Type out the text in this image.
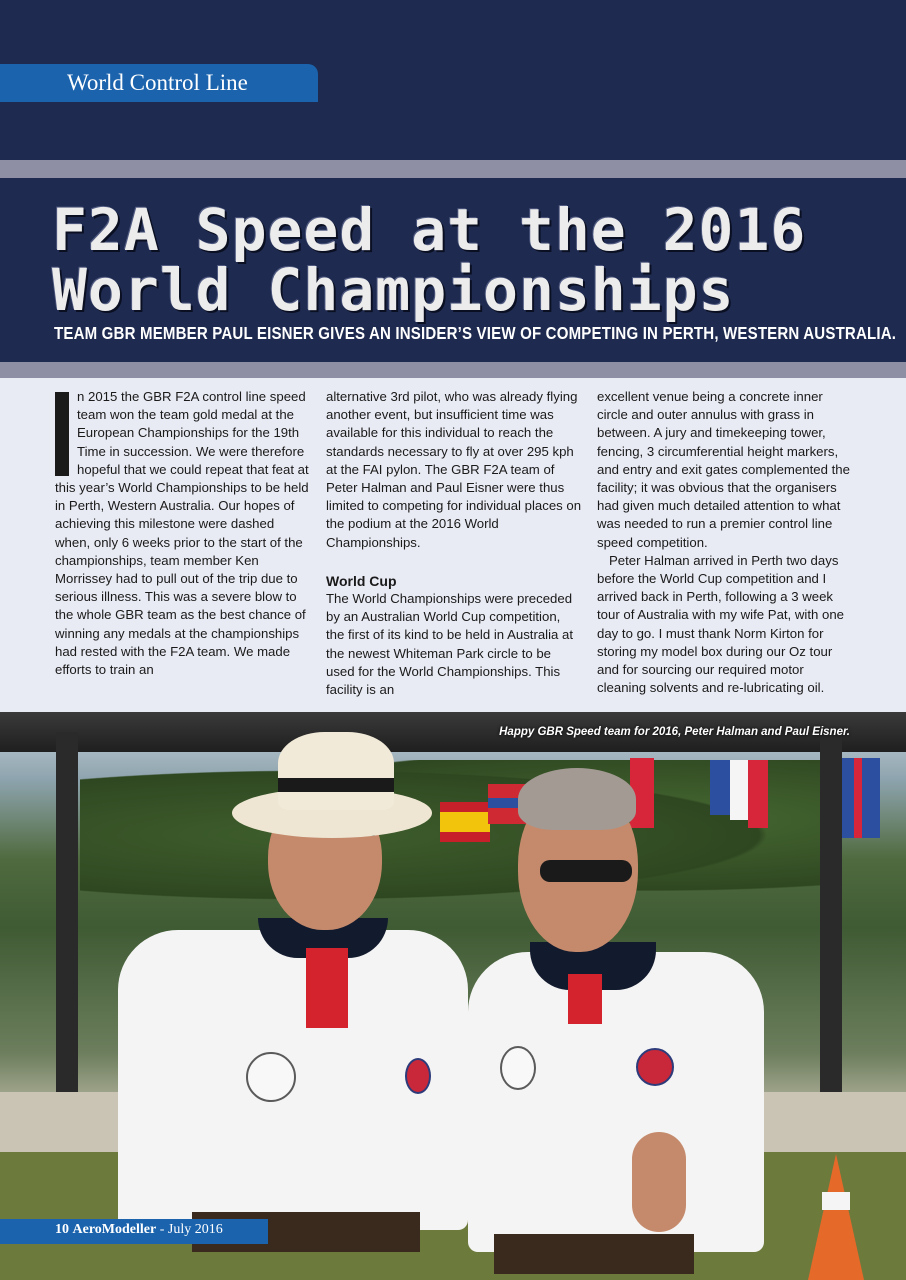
World Control Line
F2A Speed at the 2016
World Championships
TEAM GBR MEMBER PAUL EISNER GIVES AN INSIDER’S VIEW OF COMPETING IN PERTH, WESTERN AUSTRALIA.

n 2015 the GBR F2A control line speed team won the team gold medal at the European Championships for the 19th Time in succession. We were therefore hopeful that we could repeat that feat at this year’s World Championships to be held in Perth, Western Australia. Our hopes of achieving this milestone were dashed when, only 6 weeks prior to the start of the championships, team member Ken Morrissey had to pull out of the trip due to serious illness. This was a severe blow to the whole GBR team as the best chance of winning any medals at the championships had rested with the F2A team. We made efforts to train an

alternative 3rd pilot, who was already flying another event, but insufficient time was available for this individual to reach the standards necessary to fly at over 295 kph at the FAI pylon. The GBR F2A team of Peter Halman and Paul Eisner were thus limited to competing for individual places on the podium at the 2016 World Championships.

World Cup

The World Championships were preceded by an Australian World Cup competition, the first of its kind to be held in Australia at the newest Whiteman Park circle to be used for the World Championships. This facility is an

excellent venue being a concrete inner circle and outer annulus with grass in between. A jury and timekeeping tower, fencing, 3 circumferential height markers, and entry and exit gates complemented the facility; it was obvious that the organisers had given much detailed attention to what was needed to run a premier control line speed competition.

Peter Halman arrived in Perth two days before the World Cup competition and I arrived back in Perth, following a 3 week tour of Australia with my wife Pat, with one day to go. I must thank Norm Kirton for storing my model box during our Oz tour and for sourcing our required motor cleaning solvents and re-lubricating oil.

Happy GBR Speed team for 2016, Peter Halman and Paul Eisner.
10 AeroModeller - July 2016
